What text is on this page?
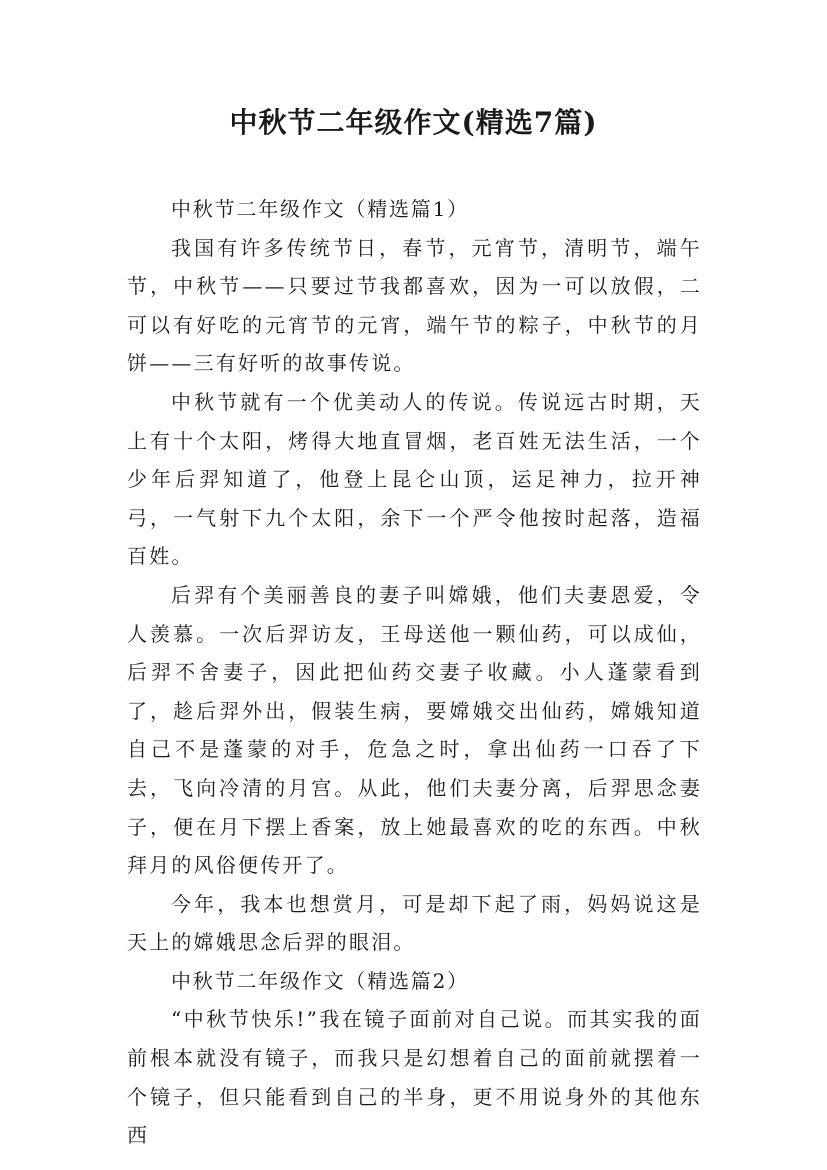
中秋节二年级作文(精选7篇)

中秋节二年级作文（精选篇1）

我国有许多传统节日，春节，元宵节，清明节，端午节，中秋节——只要过节我都喜欢，因为一可以放假，二可以有好吃的元宵节的元宵，端午节的粽子，中秋节的月饼——三有好听的故事传说。

中秋节就有一个优美动人的传说。传说远古时期，天上有十个太阳，烤得大地直冒烟，老百姓无法生活，一个少年后羿知道了，他登上昆仑山顶，运足神力，拉开神弓，一气射下九个太阳，余下一个严令他按时起落，造福百姓。

后羿有个美丽善良的妻子叫嫦娥，他们夫妻恩爱，令人羡慕。一次后羿访友，王母送他一颗仙药，可以成仙，后羿不舍妻子，因此把仙药交妻子收藏。小人蓬蒙看到了，趁后羿外出，假装生病，要嫦娥交出仙药，嫦娥知道自己不是蓬蒙的对手，危急之时，拿出仙药一口吞了下去，飞向冷清的月宫。从此，他们夫妻分离，后羿思念妻子，便在月下摆上香案，放上她最喜欢的吃的东西。中秋拜月的风俗便传开了。

今年，我本也想赏月，可是却下起了雨，妈妈说这是天上的嫦娥思念后羿的眼泪。

中秋节二年级作文（精选篇2）

“中秋节快乐!”我在镜子面前对自己说。而其实我的面前根本就没有镜子，而我只是幻想着自己的面前就摆着一个镜子，但只能看到自己的半身，更不用说身外的其他东西
